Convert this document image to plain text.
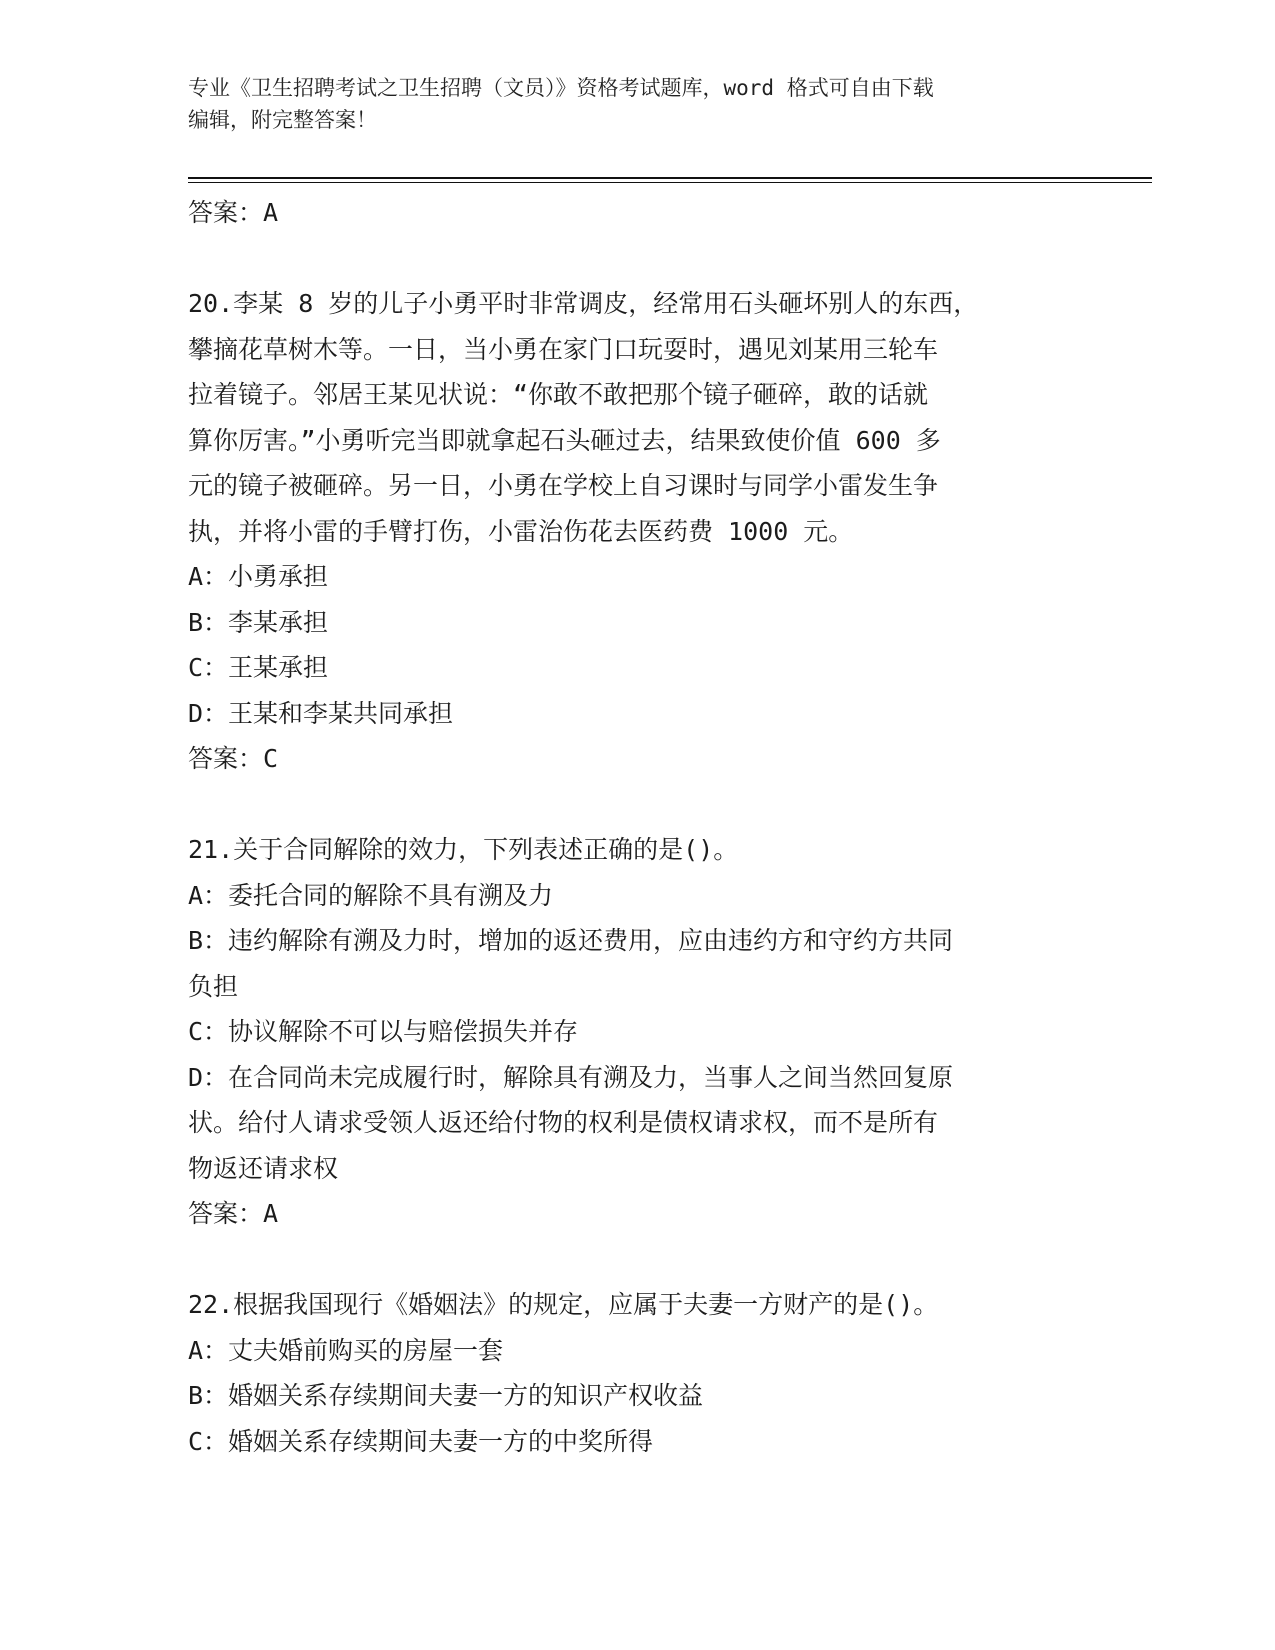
专业《卫生招聘考试之卫生招聘（文员）》资格考试题库，word 格式可自由下载
编辑，附完整答案！
答案：A
20.李某 8 岁的儿子小勇平时非常调皮，经常用石头砸坏别人的东西，
攀摘花草树木等。一日，当小勇在家门口玩耍时，遇见刘某用三轮车
拉着镜子。邻居王某见状说：“你敢不敢把那个镜子砸碎，敢的话就
算你厉害。”小勇听完当即就拿起石头砸过去，结果致使价值 600 多
元的镜子被砸碎。另一日，小勇在学校上自习课时与同学小雷发生争
执，并将小雷的手臂打伤，小雷治伤花去医药费 1000 元。
A：小勇承担
B：李某承担
C：王某承担
D：王某和李某共同承担
答案：C
21.关于合同解除的效力，下列表述正确的是()。
A：委托合同的解除不具有溯及力
B：违约解除有溯及力时，增加的返还费用，应由违约方和守约方共同
负担
C：协议解除不可以与赔偿损失并存
D：在合同尚未完成履行时，解除具有溯及力，当事人之间当然回复原
状。给付人请求受领人返还给付物的权利是债权请求权，而不是所有
物返还请求权
答案：A
22.根据我国现行《婚姻法》的规定，应属于夫妻一方财产的是()。
A：丈夫婚前购买的房屋一套
B：婚姻关系存续期间夫妻一方的知识产权收益
C：婚姻关系存续期间夫妻一方的中奖所得
